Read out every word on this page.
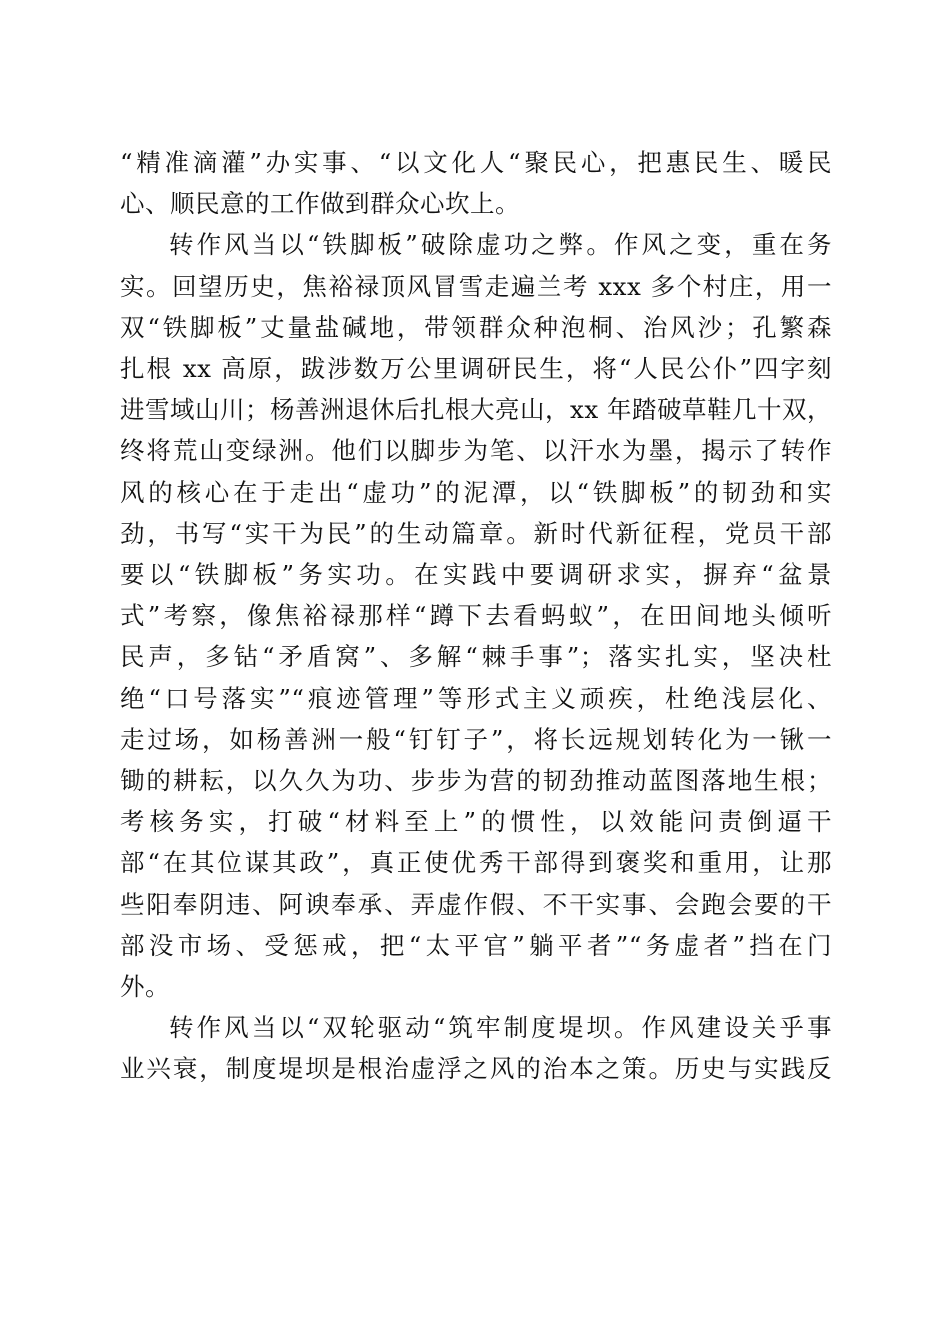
“精准滴灌”办实事、“以文化人“聚民心，把惠民生、暖民
心、顺民意的工作做到群众心坎上。
转作风当以“铁脚板”破除虚功之弊。作风之变，重在务
实。回望历史，焦裕禄顶风冒雪走遍兰考 xxx 多个村庄，用一
双“铁脚板”丈量盐碱地，带领群众种泡桐、治风沙；孔繁森
扎根 xx 高原，跋涉数万公里调研民生，将“人民公仆”四字刻
进雪域山川；杨善洲退休后扎根大亮山，xx 年踏破草鞋几十双，
终将荒山变绿洲。他们以脚步为笔、以汗水为墨，揭示了转作
风的核心在于走出“虚功”的泥潭，以“铁脚板”的韧劲和实
劲，书写“实干为民”的生动篇章。新时代新征程，党员干部
要以“铁脚板”务实功。在实践中要调研求实，摒弃“盆景
式”考察，像焦裕禄那样“蹲下去看蚂蚁”，在田间地头倾听
民声，多钻“矛盾窝”、多解“棘手事”；落实扎实，坚决杜
绝“口号落实”“痕迹管理”等形式主义顽疾，杜绝浅层化、
走过场，如杨善洲一般“钉钉子”，将长远规划转化为一锹一
锄的耕耘，以久久为功、步步为营的韧劲推动蓝图落地生根；
考核务实，打破“材料至上”的惯性，以效能问责倒逼干
部“在其位谋其政”，真正使优秀干部得到褒奖和重用，让那
些阳奉阴违、阿谀奉承、弄虚作假、不干实事、会跑会要的干
部没市场、受惩戒，把“太平官”躺平者”“务虚者”挡在门
外。
转作风当以“双轮驱动“筑牢制度堤坝。作风建设关乎事
业兴衰，制度堤坝是根治虚浮之风的治本之策。历史与实践反
